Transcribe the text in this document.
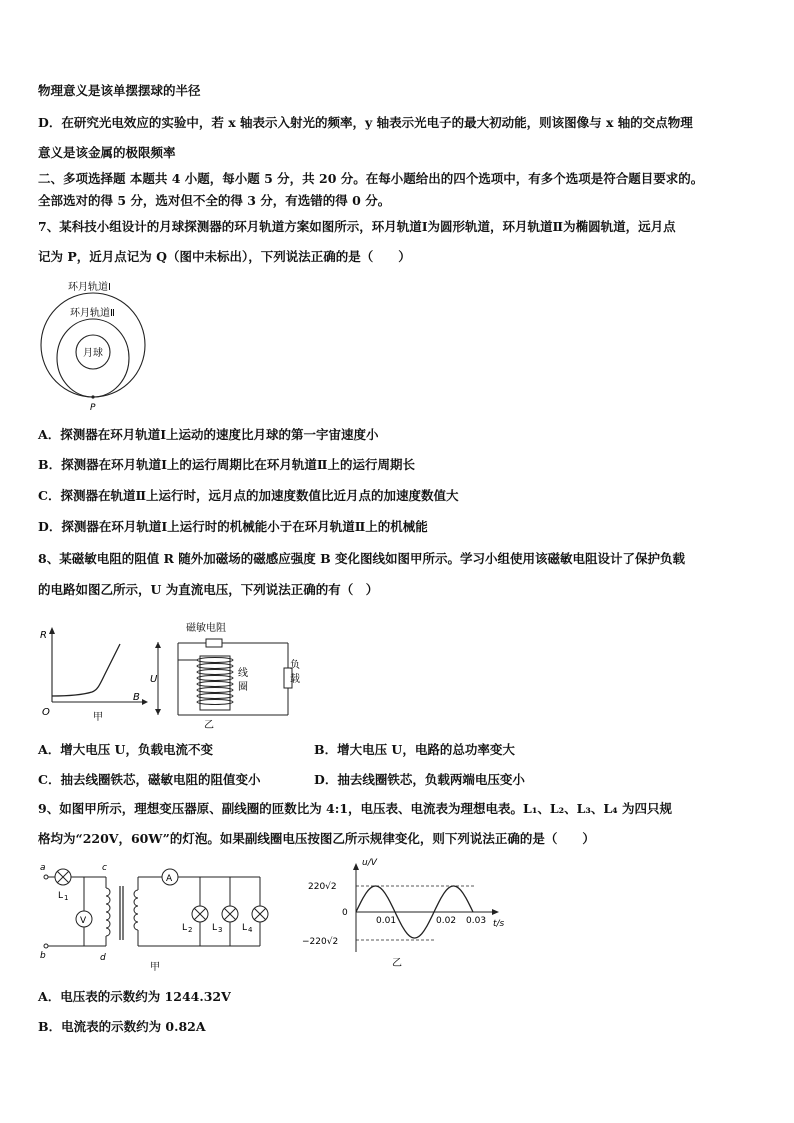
物理意义是该单摆摆球的半径
D．在研究光电效应的实验中，若 x 轴表示入射光的频率，y 轴表示光电子的最大初动能，则该图像与 x 轴的交点物理
意义是该金属的极限频率
二、多项选择题 本题共 4 小题，每小题 5 分，共 20 分。在每小题给出的四个选项中，有多个选项是符合题目要求的。
全部选对的得 5 分，选对但不全的得 3 分，有选错的得 0 分。
7、某科技小组设计的月球探测器的环月轨道方案如图所示，环月轨道Ⅰ为圆形轨道，环月轨道Ⅱ为椭圆轨道，远月点
记为 P，近月点记为 Q（图中未标出），下列说法正确的是（　　）
环月轨道Ⅰ
环月轨道Ⅱ
月球
P
A．探测器在环月轨道Ⅰ上运动的速度比月球的第一宇宙速度小
B．探测器在环月轨道Ⅰ上的运行周期比在环月轨道Ⅱ上的运行周期长
C．探测器在轨道Ⅱ上运行时，远月点的加速度数值比近月点的加速度数值大
D．探测器在环月轨道Ⅰ上运行时的机械能小于在环月轨道Ⅱ上的机械能
8、某磁敏电阻的阻值 R 随外加磁场的磁感应强度 B 变化图线如图甲所示。学习小组使用该磁敏电阻设计了保护负载
的电路如图乙所示，U 为直流电压，下列说法正确的有（　）
R
B
O	甲
磁敏电阻
U
线
圈
负
载
乙
A．增大电压 U，负载电流不变	B．增大电压 U，电路的总功率变大
C．抽去线圈铁芯，磁敏电阻的阻值变小	D．抽去线圈铁芯，负载两端电压变小
9、如图甲所示，理想变压器原、副线圈的匝数比为 4:1，电压表、电流表为理想电表。L₁、L₂、L₃、L₄ 为四只规
格均为“220V，60W”的灯泡。如果副线圈电压按图乙所示规律变化，则下列说法正确的是（　　）
a
b
c
d
L 1
V
A
L 2 L 3 L 4
甲
u/V
t/s
220√2
−220√2
0
0.01	0.02 0.03
乙
A．电压表的示数约为 1244.32V
B．电流表的示数约为 0.82A
